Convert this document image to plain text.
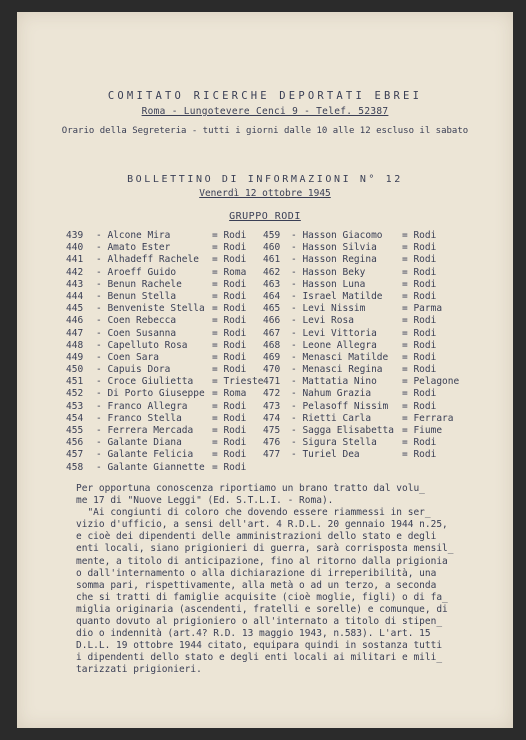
COMITATO RICERCHE DEPORTATI EBREI
Roma - Lungotevere Cenci 9 - Telef. 52387
Orario della Segreteria - tutti i giorni dalle 10 alle 12 escluso il sabato
BOLLETTINO DI INFORMAZIONI N° 12
Venerdì 12 ottobre 1945
GRUPPO RODI
439 - Alcone Mira	= Rodi 459 - Hasson Giacomo = Rodi
440 - Amato Ester	= Rodi 460 - Hasson Silvia	= Rodi
441 - Alhadeff Rachele = Rodi 461 - Hasson Regina	= Rodi
442 - Aroeff Guido	= Roma 462 - Hasson Beky	= Rodi
443 - Benun Rachele	= Rodi 463 - Hasson Luna	= Rodi
444 - Benun Stella	= Rodi 464 - Israel Matilde = Rodi
445 - Benveniste Stella = Rodi 465 - Levi Nissim	= Parma
446 - Coen Rebecca	= Rodi 466 - Levi Rosa	= Rodi
447 - Coen Susanna	= Rodi 467 - Levi Vittoria	= Rodi
448 - Capelluto Rosa	= Rodi 468 - Leone Allegra	= Rodi
449 - Coen Sara	= Rodi 469 - Menasci Matilde = Rodi
450 - Capuis Dora	= Rodi 470 - Menasci Regina = Rodi
451 - Croce Giulietta = Trieste 471 - Mattatia Nino	= Pelagone
452 - Di Porto Giuseppe = Roma 472 - Nahum Grazia	= Rodi
453 - Franco Allegra	= Rodi 473 - Pelasoff Nissim = Rodi
454 - Franco Stella	= Rodi 474 - Rietti Carla	= Ferrara
455 - Ferrera Mercada = Rodi 475 - Sagga Elisabetta = Fiume
456 - Galante Diana	= Rodi 476 - Sigura Stella	= Rodi
457 - Galante Felicia = Rodi 477 - Turiel Dea	= Rodi
458 - Galante Giannette = Rodi
Per opportuna conoscenza riportiamo un brano tratto dal volu_
me 17 di "Nuove Leggi" (Ed. S.T.L.I. - Roma).
"Ai congiunti di coloro che dovendo essere riammessi in ser_
vizio d'ufficio, a sensi dell'art. 4 R.D.L. 20 gennaio 1944 n.25,
e cioè dei dipendenti delle amministrazioni dello stato e degli
enti locali, siano prigionieri di guerra, sarà corrisposta mensil_
mente, a titolo di anticipazione, fino al ritorno dalla prigionia
o dall'internamento o alla dichiarazione di irreperibilità, una
somma pari, rispettivamente, alla metà o ad un terzo, a seconda
che si tratti di famiglie acquisite (cioè moglie, figli) o di fa_
miglia originaria (ascendenti, fratelli e sorelle) e comunque, di
quanto dovuto al prigioniero o all'internato a titolo di stipen_
dio o indennità (art.4? R.D. 13 maggio 1943, n.583). L'art. 15
D.L.L. 19 ottobre 1944 citato, equipara quindi in sostanza tutti
i dipendenti dello stato e degli enti locali ai militari e mili_
tarizzati prigionieri.
